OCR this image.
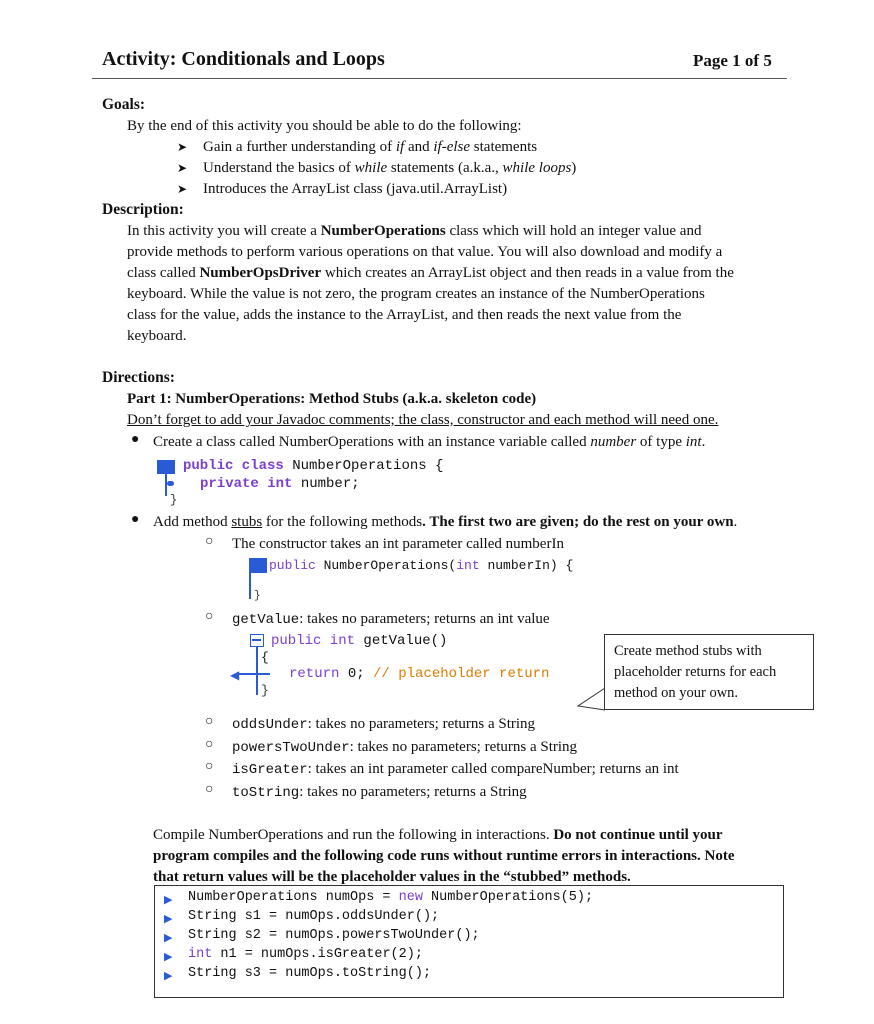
Activity: Conditionals and Loops	Page 1 of 5
Goals:
By the end of this activity you should be able to do the following:
➤ Gain a further understanding of if and if-else statements
➤ Understand the basics of while statements (a.k.a., while loops)
➤ Introduces the ArrayList class (java.util.ArrayList)
Description:
In this activity you will create a NumberOperations class which will hold an integer value and
provide methods to perform various operations on that value. You will also download and modify a
class called NumberOpsDriver which creates an ArrayList object and then reads in a value from the
keyboard. While the value is not zero, the program creates an instance of the NumberOperations
class for the value, adds the instance to the ArrayList, and then reads the next value from the
keyboard.
Directions:
Part 1: NumberOperations: Method Stubs (a.k.a. skeleton code)
Don’t forget to add your Javadoc comments; the class, constructor and each method will need one.
● Create a class called NumberOperations with an instance variable called number of type int.
public class NumberOperations {
private int number;
}
● Add method stubs for the following methods. The first two are given; do the rest on your own.
○ The constructor takes an int parameter called numberIn
public NumberOperations(int numberIn) {
}
○ getValue: takes no parameters; returns an int value
◀
public int getValue()
{
return 0; // placeholder return
}
Create method stubs with
placeholder returns for each
method on your own.
○ oddsUnder: takes no parameters; returns a String
○ powersTwoUnder: takes no parameters; returns a String
○ isGreater: takes an int parameter called compareNumber; returns an int
○ toString: takes no parameters; returns a String
Compile NumberOperations and run the following in interactions. Do not continue until your
program compiles and the following code runs without runtime errors in interactions. Note
that return values will be the placeholder values in the “stubbed” methods.
▶ NumberOperations numOps = new NumberOperations(5);
▶ String s1 = numOps.oddsUnder();
▶ String s2 = numOps.powersTwoUnder();
▶ int n1 = numOps.isGreater(2);
▶ String s3 = numOps.toString();
